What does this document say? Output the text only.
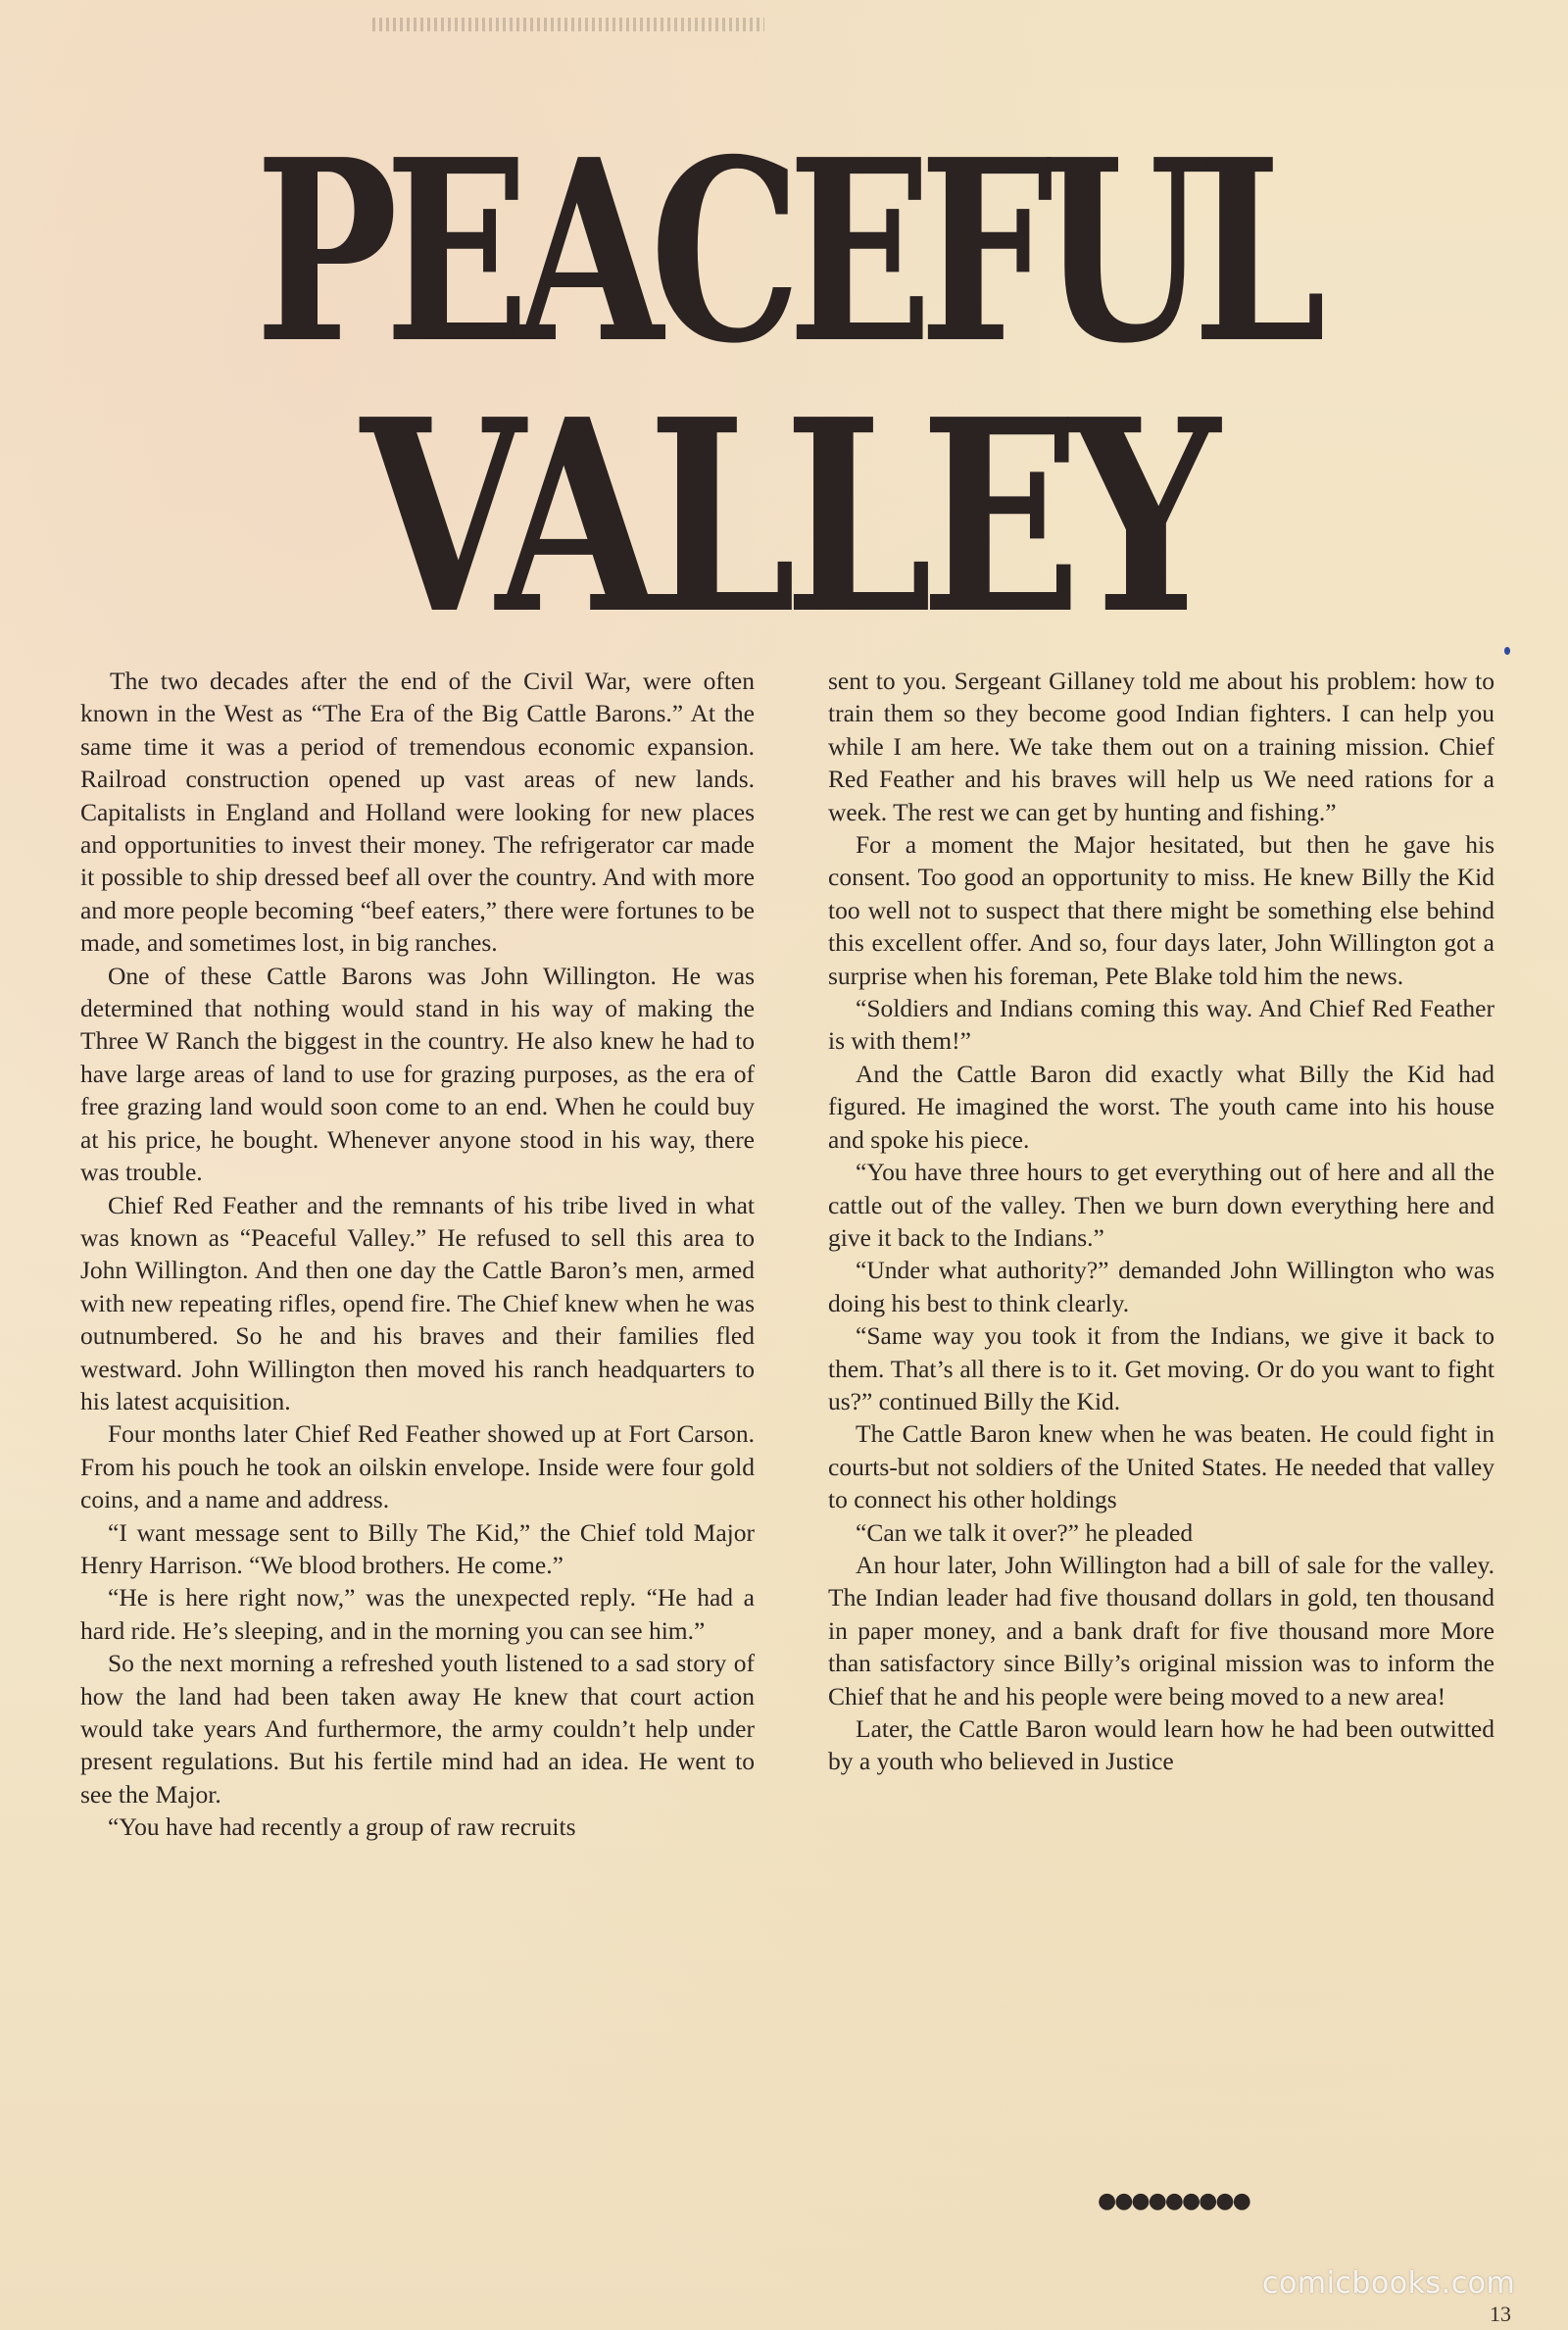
PEACEFUL
VALLEY

The two decades after the end of the Civil War, were often known in the West as “The Era of the Big Cattle Barons.” At the same time it was a period of tremendous economic expansion. Railroad construction opened up vast areas of new lands. Capitalists in England and Holland were looking for new places and opportunities to invest their money. The refrigerator car made it possible to ship dressed beef all over the country. And with more and more people becoming “beef eaters,” there were fortunes to be made, and sometimes lost, in big ranches.

One of these Cattle Barons was John Willington. He was determined that nothing would stand in his way of making the Three W Ranch the biggest in the country. He also knew he had to have large areas of land to use for grazing purposes, as the era of free grazing land would soon come to an end. When he could buy at his price, he bought. Whenever anyone stood in his way, there was trouble.

Chief Red Feather and the remnants of his tribe lived in what was known as “Peaceful Valley.” He refused to sell this area to John Willington. And then one day the Cattle Baron’s men, armed with new repeating rifles, opend fire. The Chief knew when he was outnumbered. So he and his braves and their families fled westward. John Willington then moved his ranch headquarters to his latest acquisition.

Four months later Chief Red Feather showed up at Fort Carson. From his pouch he took an oilskin envelope. Inside were four gold coins, and a name and address.

“I want message sent to Billy The Kid,” the Chief told Major Henry Harrison. “We blood brothers. He come.”

“He is here right now,” was the unexpected reply. “He had a hard ride. He’s sleeping, and in the morning you can see him.”

So the next morning a refreshed youth listened to a sad story of how the land had been taken away He knew that court action would take years And furthermore, the army couldn’t help under present regulations. But his fertile mind had an idea. He went to see the Major.

“You have had recently a group of raw recruits

sent to you. Sergeant Gillaney told me about his problem: how to train them so they become good Indian fighters. I can help you while I am here. We take them out on a training mission. Chief Red Feather and his braves will help us We need rations for a week. The rest we can get by hunting and fishing.”

For a moment the Major hesitated, but then he gave his consent. Too good an opportunity to miss. He knew Billy the Kid too well not to suspect that there might be something else behind this excellent offer. And so, four days later, John Willington got a surprise when his foreman, Pete Blake told him the news.

“Soldiers and Indians coming this way. And Chief Red Feather is with them!”

And the Cattle Baron did exactly what Billy the Kid had figured. He imagined the worst. The youth came into his house and spoke his piece.

“You have three hours to get everything out of here and all the cattle out of the valley. Then we burn down everything here and give it back to the Indians.”

“Under what authority?” demanded John Willington who was doing his best to think clearly.

“Same way you took it from the Indians, we give it back to them. That’s all there is to it. Get moving. Or do you want to fight us?” continued Billy the Kid.

The Cattle Baron knew when he was beaten. He could fight in courts-but not soldiers of the United States. He needed that valley to connect his other holdings

“Can we talk it over?” he pleaded

An hour later, John Willington had a bill of sale for the valley. The Indian leader had five thousand dollars in gold, ten thousand in paper money, and a bank draft for five thousand more More than satisfactory since Billy’s original mission was to inform the Chief that he and his people were being moved to a new area!

Later, the Cattle Baron would learn how he had been outwitted by a youth who believed in Justice

●●●●●●●●●
comicbooks.com
13
